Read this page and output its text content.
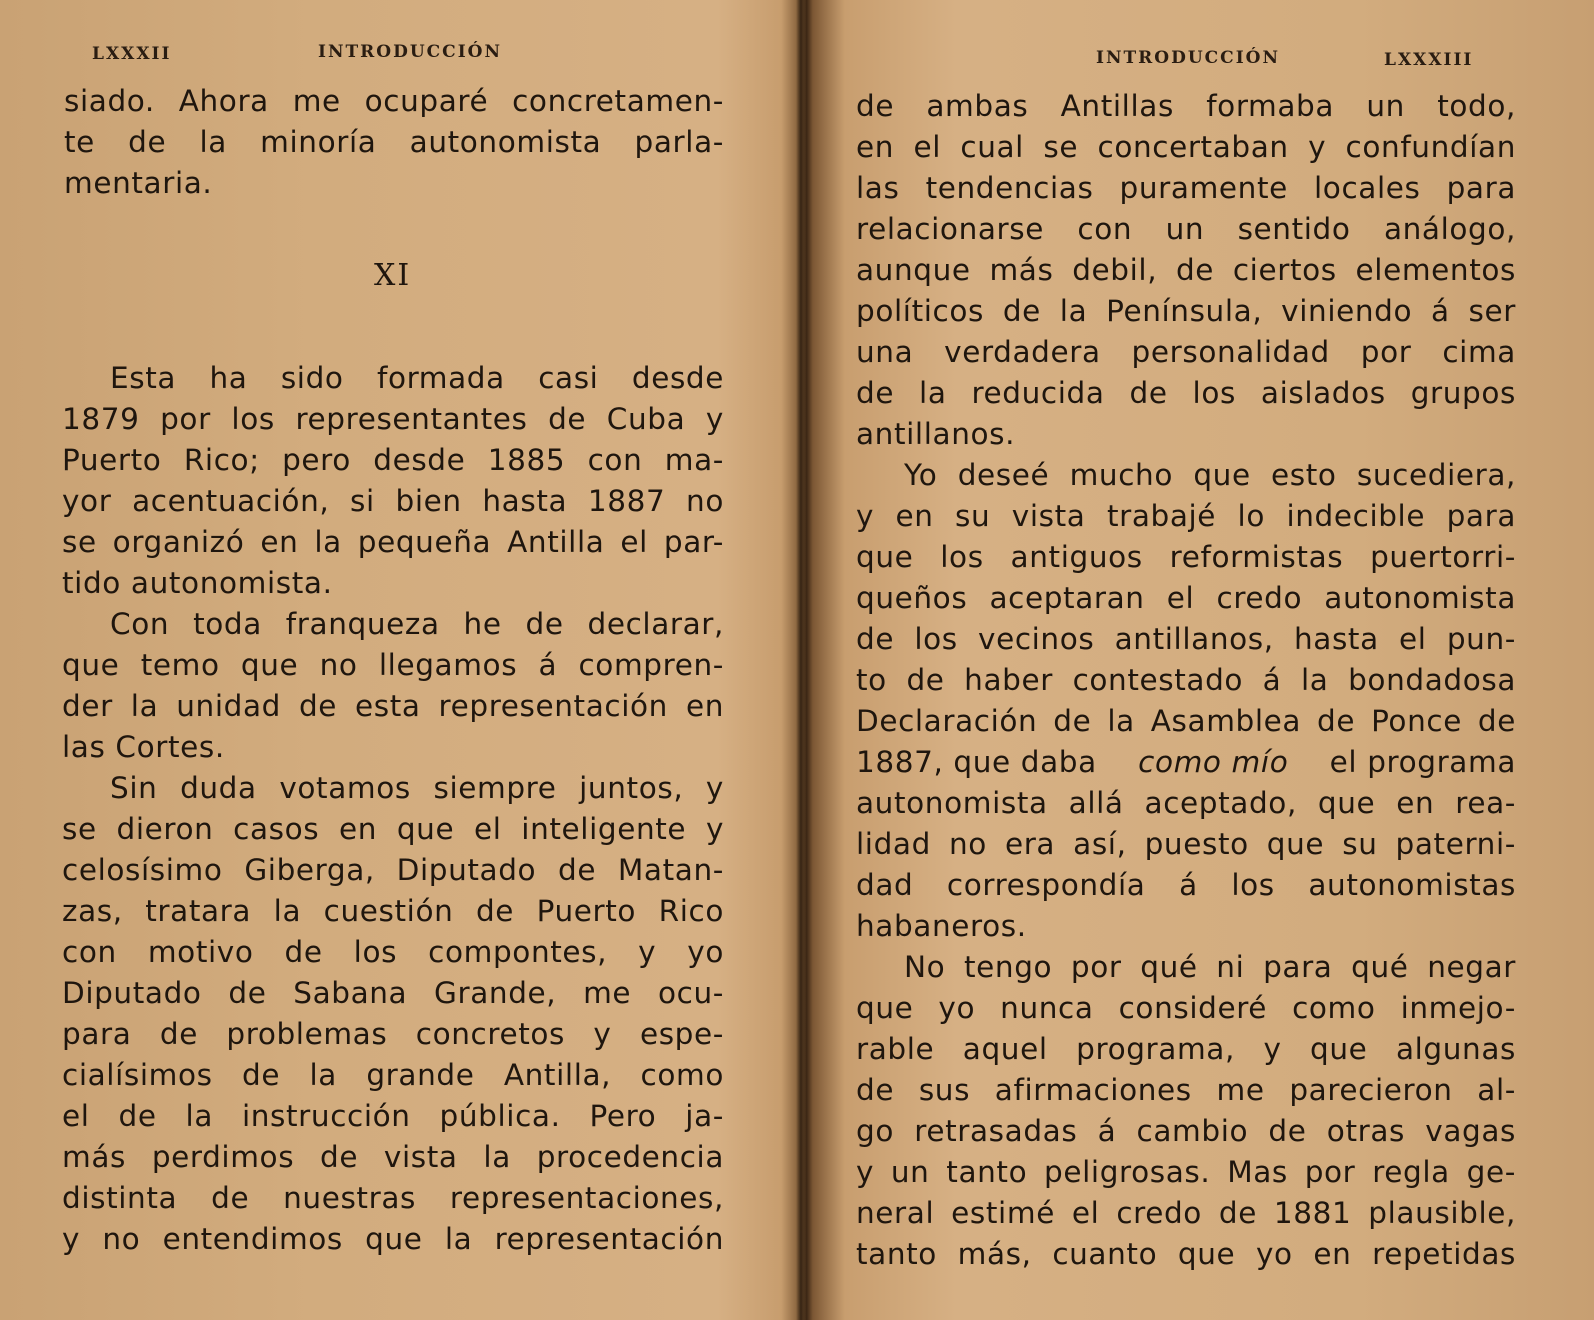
LXXXII	INTRODUCCIÓN
siado. Ahora me ocuparé concretamen-
te de la minoría autonomista parla-
mentaria.
XI
Esta ha sido formada casi desde
1879 por los representantes de Cuba y
Puerto Rico; pero desde 1885 con ma-
yor acentuación, si bien hasta 1887 no
se organizó en la pequeña Antilla el par-
tido autonomista.
Con toda franqueza he de declarar,
que temo que no llegamos á compren-
der la unidad de esta representación en
las Cortes.
Sin duda votamos siempre juntos, y
se dieron casos en que el inteligente y
celosísimo Giberga, Diputado de Matan-
zas, tratara la cuestión de Puerto Rico
con motivo de los compontes, y yo
Diputado de Sabana Grande, me ocu-
para de problemas concretos y espe-
cialísimos de la grande Antilla, como
el de la instrucción pública. Pero ja-
más perdimos de vista la procedencia
distinta de nuestras representaciones,
y no entendimos que la representación
INTRODUCCIÓN	LXXXIII
de ambas Antillas formaba un todo,
en el cual se concertaban y confundían
las tendencias puramente locales para
relacionarse con un sentido análogo,
aunque más debil, de ciertos elementos
políticos de la Península, viniendo á ser
una verdadera personalidad por cima
de la reducida de los aislados grupos
antillanos.
Yo deseé mucho que esto sucediera,
y en su vista trabajé lo indecible para
que los antiguos reformistas puertorri-
queños aceptaran el credo autonomista
de los vecinos antillanos, hasta el pun-
to de haber contestado á la bondadosa
Declaración de la Asamblea de Ponce de
1887, que daba como mío el programa
autonomista allá aceptado, que en rea-
lidad no era así, puesto que su paterni-
dad correspondía á los autonomistas
habaneros.
No tengo por qué ni para qué negar
que yo nunca consideré como inmejo-
rable aquel programa, y que algunas
de sus afirmaciones me parecieron al-
go retrasadas á cambio de otras vagas
y un tanto peligrosas. Mas por regla ge-
neral estimé el credo de 1881 plausible,
tanto más, cuanto que yo en repetidas
